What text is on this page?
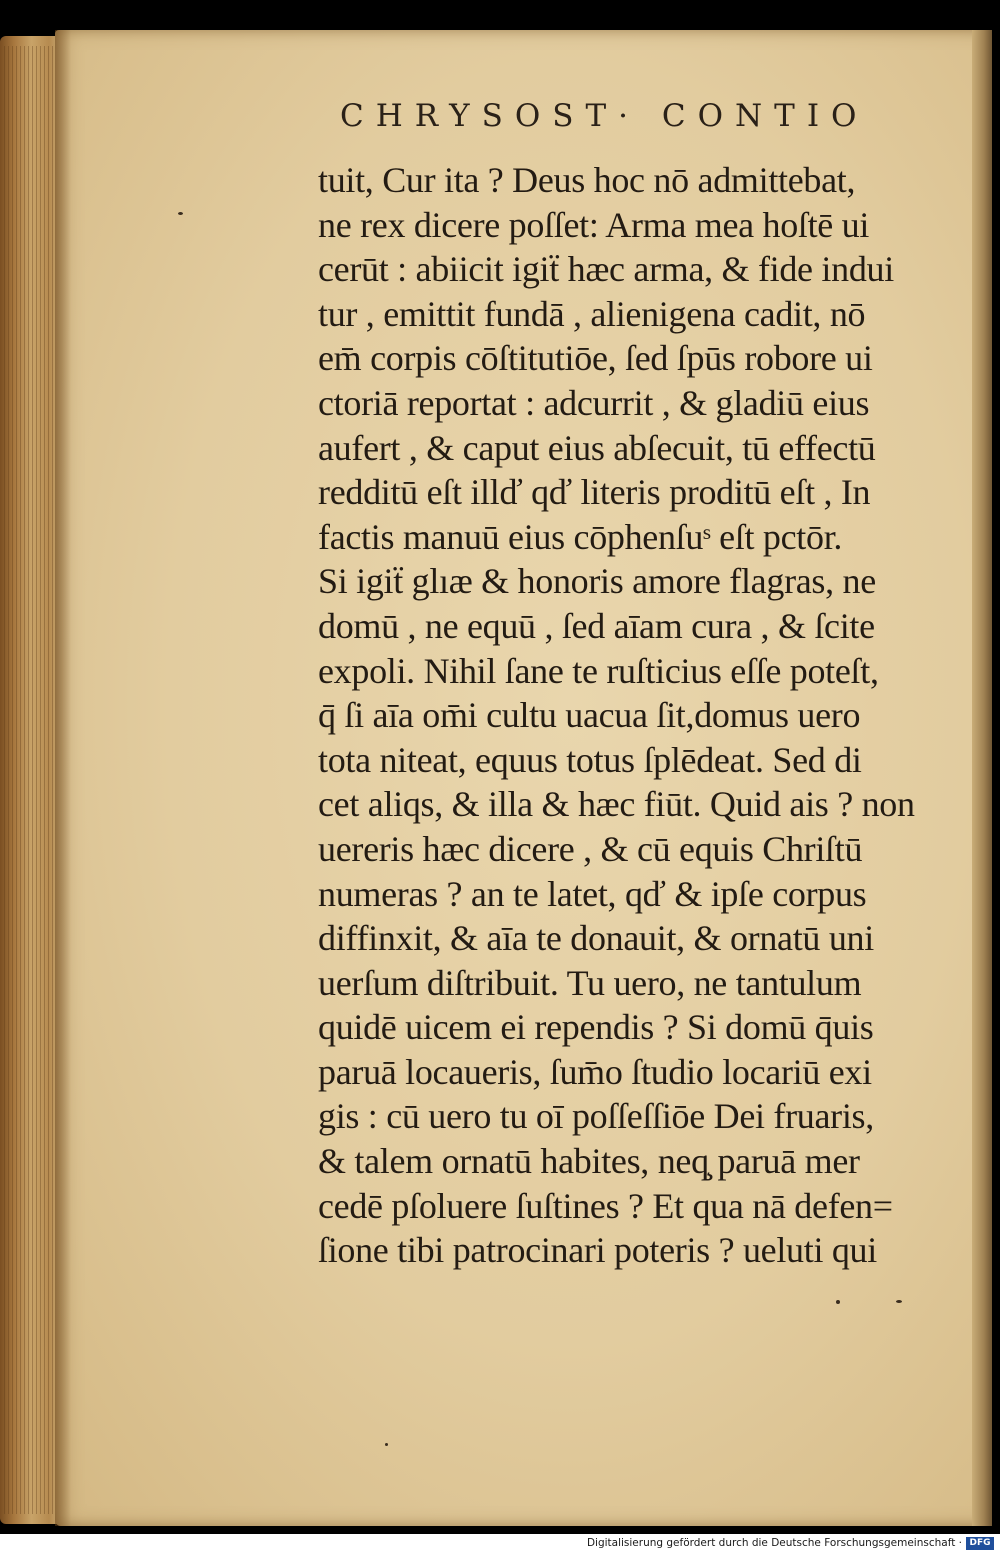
CHRYSOST· CONTIO
tuit, Cur ita ? Deus hoc nō admittebat,
ne rex dicere poſſet: Arma mea hoſtē ui
cerūt : abiicit igiẗ hæc arma, & fide indui
tur , emittit fundā , alienigena cadit, nō
em̄ corpis cōſtitutiōe, ſed ſpūs robore ui
ctoriā reportat : adcurrit , & gladiū eius
aufert , & caput eius abſecuit, tū effectū
redditū eſt illď qď literis proditū eſt , In
factis manuū eius cōphenſuˢ eſt pctōr.
Si igiẗ glıæ & honoris amore flagras, ne
domū , ne equū , ſed aīam cura , & ſcite
expoli. Nihil ſane te ruſticius eſſe poteſt,
q̄ ſi aīa om̄i cultu uacua ſit,domus uero
tota niteat, equus totus ſplēdeat. Sed di
cet aliqs, & illa & hæc fiūt. Quid ais ? non
uereris hæc dicere , & cū equis Chriſtū
numeras ? an te latet, qď & ipſe corpus
diffinxit, & aīa te donauit, & ornatū uni
uerſum diſtribuit. Tu uero, ne tantulum
quidē uicem ei rependis ? Si domū q̄uis
paruā locaueris, ſum̄o ſtudio locariū exi
gis : cū uero tu oī poſſeſſiōe Dei fruaris,
& talem ornatū habites, neq̧ paruā mer
cedē pſoluere ſuſtines ? Et qua nā defen=
ſione tibi patrocinari poteris ? ueluti qui
Digitalisierung gefördert durch die Deutsche Forschungsgemeinschaft · DFG
